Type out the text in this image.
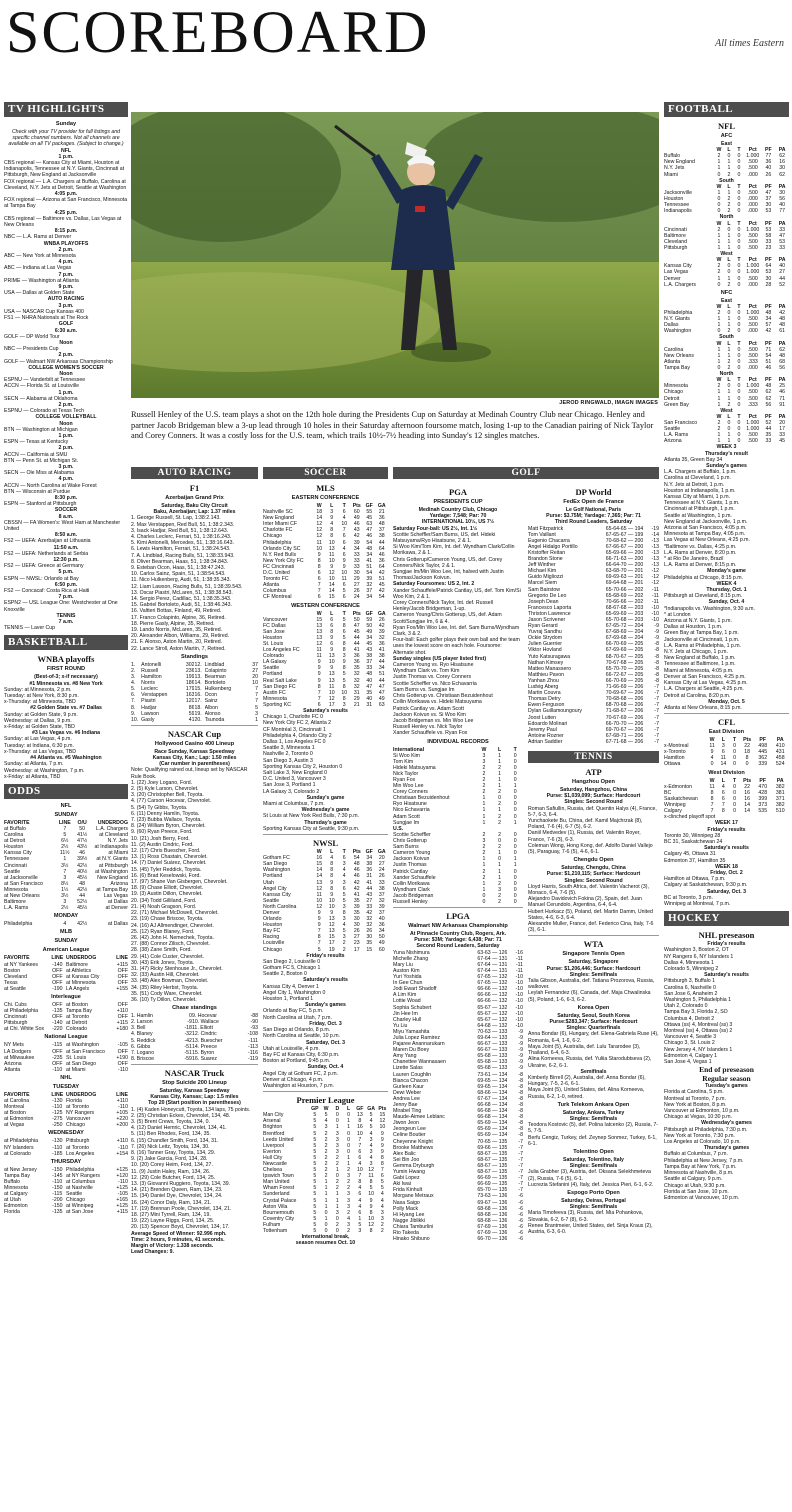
SCOREBOARD	All times Eastern
TV HIGHLIGHTS
Sunday
Check with your TV provider for full listings and specific channel numbers. Not all channels are available on all TV packages. (Subject to change.)
NFL
1 p.m.
CBS regional — Kansas City at Miami, Houston at Indianapolis, Tennessee at N.Y. Giants, Cincinnati at Pittsburgh, New England at Jacksonville
FOX regional — L.A. Chargers at Buffalo, Carolina at Cleveland, N.Y. Jets at Detroit, Seattle at Washington
4:05 p.m.
FOX regional — Arizona at San Francisco, Minnesota at Tampa Bay
4:25 p.m.
CBS regional — Baltimore vs. Dallas, Las Vegas at New Orleans
8:15 p.m.
NBC — L.A. Rams at Denver
WNBA PLAYOFFS
2 p.m.
ABC — New York at Minnesota
4 p.m.
ABC — Indiana at Las Vegas
7 p.m.
PRIME — Washington at Atlanta
9 p.m.
USA — Dallas at Golden State
AUTO RACING
3 p.m.
USA — NASCAR Cup Kansas 400
FS1 — NHRA Nationals at The Rock
GOLF
6:30 a.m.
GOLF — DP World Tour
Noon
NBC — Presidents Cup
2 p.m.
GOLF — Walmart NW Arkansas Championship
COLLEGE WOMEN'S SOCCER
Noon
ESPNU — Vanderbilt at Tennessee
ACCN — Florida St. at Louisville
1 p.m.
SECN — Alabama at Oklahoma
2 p.m.
ESPNU — Colorado at Texas Tech
COLLEGE VOLLEYBALL
Noon
BTN — Washington at Michigan
1 p.m.
ESPN — Texas at Kentucky
2 p.m.
ACCN — California at SMU
BTN — Penn St. at Michigan St.
3 p.m.
SECN — Ole Miss at Alabama
4 p.m.
ACCN — North Carolina at Wake Forest
BTN — Wisconsin at Purdue
8:30 p.m.
ESPN — Stanford at Pittsburgh
SOCCER
8 a.m.
CBSSN — FA Women's: West Ham at Manchester United
8:50 a.m.
FS2 — UEFA: Azerbaijan at Lithuania
11:50 a.m.
FS2 — UEFA: Netherlands at Serbia
12:30 p.m.
FS2 — UEFA: Greece at Germany
5 p.m.
ESPN — NWSL: Orlando at Bay
6:50 p.m.
FS2 — Concacaf: Costa Rica at Haiti
7 p.m.
ESPN2 — USL League One: Westchester at One Knoxville
TENNIS
7 a.m.
TENNIS — Laver Cup
BASKETBALL
WNBA playoffs
FIRST ROUND
(Best-of-3; x-if necessary)
#1 Minnesota vs. #8 New York
Sunday: at Minnesota, 2 p.m.
Tuesday: at New York, 8:30 p.m.
x-Thursday: at Minnesota, TBD
#2 Golden State vs. #7 Dallas
Sunday: at Golden State, 9 p.m.
Wednesday: at Dallas, 9 p.m.
x-Friday: at Golden State, TBD
#3 Las Vegas vs. #6 Indiana
Sunday: at Las Vegas, 4 p.m.
Tuesday: at Indiana, 6:30 p.m.
x-Thursday: at Las Vegas, TBD
#4 Atlanta vs. #5 Washington
Sunday: at Atlanta, 7 p.m.
Wednesday: at Washington, 7 p.m.
x-Friday: at Atlanta, TBD
ODDS
NFL
SUNDAY
FAVORITE	LINE	O/U	UNDERDOG
at Buffalo	7	50	L.A. Chargers
Carolina	5	41½	at Cleveland
at Detroit	6½	47½	N.Y. Jets
Houston	2½	43½	at Indianapolis
Kansas City	11½	46	at Miami
Tennessee	1	39½	at N.Y. Giants
Cincinnati	3½	42½	at Pittsburgh
Seattle	7	40½	at Washington
at Jacksonville	3	45½	New England
at San Francisco	8½	48	Arizona
Minnesota	1½	42½	at Tampa Bay
at New Orleans	3½	44	Las Vegas
Baltimore	3	52½	at Dallas
L.A. Rams	2½	45½	at Denver
MONDAY
Philadelphia	4	42½	at Dallas
MLB
SUNDAY
American League
FAVORITE	LINE	UNDERDOG	LINE
at NY Yankees	-140	Baltimore	+115
Boston	OFF	at Athletics	OFF
Cleveland	OFF	at Kansas City	OFF
Texas	OFF	at Minnesota	OFF
at Seattle	-190	LA Angels	+155
Interleague
Chi. Cubs	OFF	at Boston	OFF
at Philadelphia	-135	Tampa Bay	+110
Cincinnati	OFF	at Toronto	OFF
Pittsburgh	-140	at Detroit	+115
at Chi. White Sox	-220	Colorado	+180
National League
NY Mets	-115	at Washington	-105
LA Dodgers	OFF	at San Francisco	OFF
at Milwaukee	-235	St. Louis	+190
Arizona	OFF	at San Diego	OFF
Atlanta	-110	at Miami	-110
NHL
TUESDAY
FAVORITE	LINE	UNDERDOG	LINE
at Carolina	-130	Florida	+110
Montreal	-110	at Toronto	-110
at Boston	-125	NY Rangers	+105
at Edmonton	-275	Vancouver	+220
at Vegas	-250	Chicago	+200
WEDNESDAY
at Philadelphia	-130	Pittsburgh	+110
NY Islanders	-110	at Toronto	-110
at Colorado	-185	Los Angeles	+154
THURSDAY
at New Jersey	-150	Philadelphia	+125
Tampa Bay	-145	at NY Rangers	+120
Buffalo	-110	at Columbus	-110
Minnesota	-150	at Nashville	+125
at Calgary	-115	Seattle	-105
at Utah	-200	Chicago	+165
Edmonton	-150	at Winnipeg	+125
Florida	-135	at San Jose	+115
JEROD RINGWALD, IMAGN IMAGES
Russell Henley of the U.S. team plays a shot on the 12th hole during the Presidents Cup on Saturday at Medinah Country Club near Chicago. Henley and partner Jacob Bridgeman blew a 3-up lead through 10 holes in their Saturday afternoon foursome match, losing 1-up to the Canadian pairing of Nick Taylor and Corey Conners. It was a costly loss for the U.S. team, which trails 10½-7½ heading into Sunday's 12 singles matches.
AUTO RACING
F1
Azerbaijan Grand Prix
Saturday, Baku City Circuit
Baku, Azerbaijan; Lap: 1.37 miles
1. George Russell, St. Lap, 1:38:2.143.
2. Max Verstappen, Red Bull, 51, 1:38:2.343.
3. Isack Hadjar, Red Bull, 51, 1:38:12.643.
4. Charles Leclerc, Ferrari, 51, 1:38:16.243.
5. Kimi Antonelli, Mercedes, 51, 1:38:16.643.
6. Lewis Hamilton, Ferrari, 51, 1:38:24.543.
7. A. Lindblad, Racing Bulls, 51, 1:38:33.943.
8. Oliver Bearman, Haas, 51, 1:38:34.843.
9. Esteban Ocon, Haas, 51, 1:38:47.243.
10. Carlos Sainz, Spain, 51, 1:38:54.543.
11. Nico Hulkenberg, Audi, 51, 1:38:35.343.
12. Liam Lawson, Racing Bulls, 51, 1:38:39.543.
13. Oscar Piastri, McLaren, 51, 1:38:38.543.
14. Sergio Perez, Cadillac, 51, 1:38:35.343.
15. Gabriel Bortoleto, Audi, 51, 1:38:46.343.
16. Valtteri Bottas, Finland, 49, Retired.
17. Franco Colapinto, Alpine, 36, Retired.
18. Pierre Gasly, Alpine, 35, Retired.
19. Lando Norris, McLaren, 35, Retired.
20. Alexander Albon, Williams, 29, Retired.
21. F. Alonso, Aston Martin, 20, Retired.
22. Lance Stroll, Aston Martin, 7, Retired.
Standings
1.	Antonelli	302	12.	Lindblad	37
2.	Russell	236	13.	Colapinto	27
3.	Hamilton	199	13.	Bearman	20
4.	Norris	186	14.	Bortoleto	10
5.	Leclerc	179	15.	Hulkenberg	7
6.	Verstappen	163	16.	Ocon	7
7.	Piastri	120	17.	Sainz	7
8.	Hadjar	86	18.	Albon	5
9.	Lawson	59	19.	Alonso	3
10.	Gasly	41	20.	Tsunoda	1
NASCAR Cup
Hollywood Casino 400 Lineup
Race Sunday, Kansas Speedway
Kansas City, Kan.; Lap: 1.50 miles
(Car number in parentheses)
Note: Qualifying rained out, lineup set by NASCAR Rule Book.
1. (22) Joey Logano, Ford.
2. (5) Kyle Larson, Chevrolet.
3. (20) Christopher Bell, Toyota.
4. (77) Carson Hocevar, Chevrolet.
5. (54) Ty Gibbs, Toyota.
6. (11) Denny Hamlin, Toyota.
7. (23) Bubba Wallace, Toyota.
8. (24) William Byron, Chevrolet.
9. (60) Ryan Preece, Ford.
10. (21) Josh Berry, Ford.
11. (2) Austin Cindric, Ford.
12. (17) Chris Buescher, Ford.
13. (1) Ross Chastain, Chevrolet.
14. (7) Daniel Suárez, Chevrolet.
15. (45) Tyler Reddick, Toyota.
16. (6) Brad Keselowski, Ford.
17. (97) Shane Van Gisbergen, Chevrolet.
18. (9) Chase Elliott, Chevrolet.
19. (3) Austin Dillon, Chevrolet.
20. (34) Todd Gilliland, Ford.
21. (4) Noah Gragson, Ford.
22. (71) Michael McDowell, Chevrolet.
23. (19) Chase Briscoe, Toyota.
24. (16) AJ Allmendinger, Chevrolet.
25. (12) Ryan Blaney, Ford.
26. (42) John H. Nemechek, Toyota.
27. (88) Connor Zilisch, Chevrolet.
28. (38) Zane Smith, Ford.
29. (41) Cole Custer, Chevrolet.
30. (43) Erik Jones, Toyota.
31. (47) Ricky Stenhouse Jr., Chevrolet.
32. (33) Austin Hill, Chevrolet.
33. (48) Alex Bowman, Chevrolet.
34. (35) Riley Herbst, Toyota.
35. (51) Cody Ware, Chevrolet.
36. (10) Ty Dillon, Chevrolet.
Chase standings
1. Hamlin	0	9. Hocevar	-88
2. Larson	-9	10. Wallace	-90
3. Bell	-18	11. Elliott	-93
4. Blaney	-32	12. Cindric	-108
5. Reddick	-42	13. Buescher	-111
6. Gibbs	-51	14. Preece	-113
7. Logano	-51	15. Byron	-116
8. Briscoe	-59	16. Suarez	-119
NASCAR Truck
Stop Suicide 200 Lineup
Saturday, Kansas Speedway
Kansas City, Kansas; Lap: 1.5 miles
Top 20 (Start position in parentheses)
1. (4) Kaden Honeycutt, Toyota, 134 laps, 75 points.
2. (25) Christian Eckes, Chevrolet, 134, 48.
3. (5) Brent Crews, Toyota, 134, 0.
4. (12) Daniel Hemric, Chevrolet, 134, 41.
5. (11) Ben Rhodes, Ford, 134, 35.
6. (15) Chandler Smith, Ford, 134, 31.
7. (26) Nick Leitz, Toyota, 134, 30.
8. (16) Tanner Gray, Toyota, 134, 29.
9. (2) Jake Garcia, Ford, 134, 28.
10. (20) Corey Heim, Ford, 134, 27.
11. (9) Justin Haley, Ram, 134, 26.
12. (29) Cole Butcher, Ford, 134, 25.
13. (3) Giovanni Ruggiero, Toyota, 134, 39.
14. (21) Brenden Queen, Ram, 134, 23.
15. (34) Daniel Dye, Chevrolet, 134, 24.
16. (24) Conor Daly, Ram, 134, 21.
17. (19) Brennan Poole, Chevrolet, 134, 21.
18. (27) Mini Tyrrell, Ram, 134, 19.
19. (22) Layne Riggs, Ford, 134, 25.
20. (13) Spencer Boyd, Chevrolet, 134, 17.
Average Speed of Winner: 92.996 mph.
Time: 2 hours, 9 minutes, 41 seconds.
Margin of Victory: 1.338 seconds.
Lead Changes: 9.
SOCCER
MLS
EASTERN CONFERENCE
	W	L	T	Pts	GF	GA
Nashville SC	18	3	6	60	55	21
New England	14	9	4	49	45	36
Inter Miami CF	12	4	10	46	63	48
Charlotte FC	12	8	7	43	47	37
Chicago	12	8	6	42	46	38
Philadelphia	11	10	6	39	54	44
Orlando City SC	10	13	4	34	48	64
N.Y. Red Bulls	9	11	6	33	34	46
New York City FC	8	10	9	33	41	36
FC Cincinnati	8	9	9	33	51	64
D.C. United	6	12	10	30	54	42
Toronto FC	6	10	11	29	39	51
Atlanta	7	14	6	27	32	45
Columbus	7	14	5	26	37	42
CF Montreal	6	15	6	24	34	54
WESTERN CONFERENCE
	W	L	T	Pts	GF	GA
Vancouver	15	6	5	50	59	26
FC Dallas	13	6	8	47	50	42
San Jose	13	8	6	45	49	39
Houston	13	9	5	44	34	32
St. Louis	12	6	8	44	45	36
Los Angeles FC	11	9	8	41	43	41
Colorado	11	13	3	36	38	38
LA Galaxy	9	10	9	36	37	44
Seattle	9	9	8	35	33	34
Portland	9	13	5	32	48	51
Real Salt Lake	9	13	5	32	40	44
San Diego FC	8	11	8	32	47	47
Austin FC	7	10	10	31	35	47
Minnesota	7	12	8	29	40	49
Sporting KC	6	17	3	21	31	63
Saturday's results
Chicago 1, Charlotte FC 0
New York City FC 2, Atlanta 2
CF Montréal 3, Cincinnati 1
Philadelphia 4, Orlando City 2
Dallas 1, Los Angeles FC 0
Seattle 3, Minnesota 1
Nashville 2, Toronto 0
San Diego 3, Austin 3
Sporting Kansas City 2, Houston 0
Salt Lake 3, New England 0
D.C. United 3, Vancouver 3
San Jose 3, Portland 1
LA Galaxy 3, Colorado 2
Sunday's game
Miami at Columbus, 7 p.m.
Wednesday's game
St Louis at New York Red Bulls, 7:30 p.m.
Thursday's game
Sporting Kansas City at Seattle, 9:30 p.m.
NWSL
	W	L	T	Pts	GF	GA
Gotham FC	16	4	6	54	34	20
San Diego	15	8	3	48	38	27
Washington	14	8	4	46	36	24
Portland	14	8	4	46	31	26
Utah	13	9	3	42	41	33
Angel City	12	8	6	42	44	38
Kansas City	11	9	5	41	43	37
Seattle	10	10	5	35	27	32
North Carolina	12	10	3	39	33	39
Denver	9	9	8	35	42	37
Orlando	9	13	3	30	32	40
Houston	9	12	4	30	32	36
Bay FC	7	13	5	26	26	34
Racing	8	15	3	27	30	50
Louisville	7	17	2	23	35	49
Chicago	5	19	2	17	15	60
Friday's results
San Diego 2, Louisville 0
Gotham FC 5, Chicago 1
Seattle 2, Boston 0
Saturday's results
Kansas City 4, Denver 1
Angel City 1, Washington 0
Houston 1, Portland 1
Sunday's games
Orlando at Bay FC, 5 p.m.
North Carolina at Utah, 7 p.m.
Friday, Oct. 3
San Diego at Orlando, 8 p.m.
North Carolina at Seattle, 10 p.m.
Saturday, Oct. 3
Utah at Louisville, 4 p.m.
Bay FC at Kansas City, 6:30 p.m.
Boston at Portland, 9:45 p.m.
Sunday, Oct. 4
Angel City at Gotham FC, 2 p.m.
Denver at Chicago, 4 p.m.
Washington at Houston, 7 p.m.
Premier League
	GP	W	D	L	GF	GA	Pts
Man City	5	5	0	0	13	5	15
Arsenal	5	4	0	1	8	4	12
Brighton	5	3	1	1	16	5	10
Brentford	5	2	3	0	10	4	9
Leeds United	5	2	3	0	7	3	9
Liverpool	5	2	3	0	7	4	9
Everton	5	2	3	0	6	3	9
Hull City	5	2	2	1	6	4	8
Newcastle	5	2	2	1	4	3	8
Chelsea	5	2	1	2	10	12	7
Ipswich Town	5	2	0	3	7	11	6
Man United	5	1	2	2	8	8	5
Wham Forest	5	1	2	2	4	5	5
Sunderland	5	1	1	3	6	10	4
Crystal Palace	5	1	1	3	4	9	4
Aston Villa	5	1	1	3	4	9	4
Bournemouth	5	0	3	2	6	8	3
Coventry City	5	1	0	4	1	10	3
Fulham	5	0	2	3	5	12	2
Tottenham	5	0	0	2	3	8	2
International break,
season resumes Oct. 10
GOLF
PGA
PRESIDENTS CUP
Medinah Country Club, Chicago
Yardage: 7,548; Par: 70
INTERNATIONAL 10½, US 7½
Saturday Four-ball: US 2½, Int. 1½
Scottie Scheffler/Sam Burns, US, def. Hideki Matsuyama/Ryo Hisatsune, 2 & 1.
Si Woo Kim/Tom Kim, Int. def. Wyndham Clark/Collin Morikawa, 2 & 1.
Chris Gotterup/Cameron Young, US, def. Corey Conners/Nick Taylor, 2 & 1.
Sungjae Im/Min Woo Lee, Int, halved with Justin Thomas/Jackson Koivun.
Saturday Foursomes: US 2, Int. 2
Xander Schauffele/Patrick Cantlay, US, def. Tom Kim/Si Woo Kim, 2 & 1.
Corey Conners/Nick Taylor, Int. def. Russell Henley/Jacob Bridgeman, 1-up.
Cameron Young/Chris Gotterup, US, def. Adam Scott/Sungjae Im, 6 & 4.
Ryan Fox/Min Woo Lee, Int. def. Sam Burns/Wyndham Clark, 3 & 2.
Four-ball: Each golfer plays their own ball and the team uses the lowest score on each hole. Foursome: Alternate shot.
Sunday singles (US player listed first)
Cameron Young vs. Ryo Hisatsune
Wyndham Clark vs. Tom Kim
Justin Thomas vs. Corey Conners
Scottie Scheffler vs. Nico Echavarria
Sam Burns vs. Sungjae Im
Chris Gotterup vs. Christiaan Bezuidenhout
Collin Morikawa vs. Hideki Matsuyama
Patrick Cantlay vs. Adam Scott
Jackson Koivun vs. Si Woo Kim
Jacob Bridgeman vs. Min Woo Lee
Russell Henley vs. Nick Taylor
Xander Schauffele vs. Ryan Fox
INDIVIDUAL RECORDS
International	W	L	T
Si Woo Kim	3	1	0
Tom Kim	3	1	0
Hideki Matsuyama	2	2	0
Nick Taylor	2	1	0
Ryan Fox	2	1	0
Min Woo Lee	2	1	1
Corey Conners	2	2	0
Christiaan Bezuidenhout	1	0	0
Ryo Hisatsune	1	2	0
Nico Echavarria	1	1	0
Adam Scott	1	2	0
Sungjae Im	1	2	1
U.S.
Scottie Scheffler	2	2	0
Chris Gotterup	3	0	0
Sam Burns	2	2	0
Cameron Young	2	1	0
Jackson Koivun	1	0	1
Justin Thomas	1	1	1
Patrick Cantlay	2	1	0
Xander Schauffele	2	1	0
Collin Morikawa	1	2	0
Wyndham Clark	1	3	0
Jacob Bridgeman	0	2	0
Russell Henley	0	2	0
LPGA
Walmart NW Arkansas Championship
At Pinnacle Country Club, Rogers, Ark.
Purse: $3M; Yardage: 6,438; Par: 71
Second Round Leaders, Saturday
Yuna Nishimura	63-63 — 126	-16
Michelle Zhang	67-64 — 131	-11
Mary Liu	67-64 — 131	-11
Auston Kim	67-64 — 131	-11
Yuri Yoshida	67-65 — 132	-10
In Gee Chun	67-65 — 132	-10
Jodi Ewart Shadoff	66-66 — 132	-10
A Lim Kim	66-66 — 132	-10
Lottie Woad	66-66 — 132	-10
Sophia Schubert	65-67 — 132	-10
Jin Hee Im	65-67 — 132	-10
Charley Hull	65-67 — 132	-10
Yu Liu	64-68 — 132	-10
Miyu Yamashita	70-63 — 133	-9
Julia Lopez Ramirez	69-64 — 133	-9
Pajaree Anannarukarn	66-67 — 133	-9
Maren Du Boey	66-67 — 133	-9
Amy Yang	65-68 — 133	-9
Chanettee Wannasaen	65-68 — 133	-9
Lizette Salas	65-68 — 133	-9
Lauren Coughlin	73-61 — 134	-8
Bianca Chacon	69-65 — 134	-8
Gurleen Kaur	69-65 — 134	-8
Dewi Weber	68-66 — 134	-8
Andrea Lee	67-67 — 134	-8
Jenny Bae	66-68 — 134	-8
Mirabel Ting	66-68 — 134	-8
Maude-Aimee Leblanc	66-68 — 134	-8
Jiwon Jeon	65-69 — 134	-8
Jeongeun Lee	65-69 — 134	-8
Celine Boutier	65-69 — 134	-8
Cheyenne Knight	70-65 — 135	-7
Brooke Matthews	69-66 — 135	-7
Alex Balic	68-67 — 135	-7
Sei Bin Joo	68-67 — 135	-7
Gemma Dryburgh	68-67 — 135	-7
Yumin Hwang	68-67 — 135	-7
Gabi Lopez	66-69 — 135	-7
Aki Iwai	66-69 — 135	-7
Frida Kinhult	65-70 — 135	-7
Morgane Metraux	73-63 — 136	-6
Nasa Saigo	69-67 — 136	-6
Polly Mack	68-68 — 136	-6
Hi Hyang Lee	68-68 — 136	-6
Nagge Jiblikki	68-68 — 136	-6
Chiara Tamburlini	67-69 — 136	-6
Rio Takeda	67-69 — 136	-6
Hinako Shibuno	66-70 — 136	-6
DP World
FedEx Open de France
Le Golf National, Paris
Purse: $3.75M; Yardage: 7,365; Par: 71
Third Round Leaders, Saturday
Matt Fitzpatrick	65-64-65 — 194	-19
Tom Vaillant	67-65-67 — 199	-14
Eugenio Chacarra	70-68-62 — 200	-13
Angel Hidalgo Portillo	67-66-67 — 200	-13
Kristoffer Reitan	65-69-66 — 200	-13
Brandon Stone	66-71-63 — 200	-13
Jeff Winther	66-64-70 — 200	-13
Michael Kim	63-68-70 — 201	-12
Guido Migliozzi	69-69-63 — 201	-12
Marcel Siem	69-64-68 — 201	-12
Sam Bairstow	65-70-66 — 202	-11
Gregorio De Leo	65-68-69 — 202	-11
Joseph Dean	70-66-66 — 202	-11
Francesco Laporta	68-67-68 — 203	-10
Thriston Lawrence	65-69-69 — 203	-10
Jason Scrivener	65-70-68 — 203	-10
Ryan Gerard	67-65-72 — 204	-9
Yuvraj Sandhu	67-68-69 — 204	-9
Ockie Strydom	67-69-68 — 204	-9
Julien Guerrier	66-70-69 — 205	-8
Viktor Hovland	67-69-69 — 205	-8
Yuto Katsuragawa	68-70-67 — 205	-8
Nathan Kimsey	70-67-68 — 205	-8
Matteo Manassero	65-70-70 — 205	-8
Matthieu Pavon	66-72-67 — 205	-8
Yanhan Zhou	66-70-69 — 205	-8
Ludvig Aberg	71-66-69 — 206	-7
Martin Couvra	70-69-67 — 206	-7
Thomas Detry	70-68-68 — 206	-7
Ewen Ferguson	68-70-68 — 206	-7
Dylan Guillamoungoury	71-68-67 — 206	-7
Joost Luiten	70-67-69 — 206	-7
Edoardo Molinari	66-70-70 — 206	-7
Jeremy Paul	69-70-67 — 206	-7
Antoine Rozner	67-68-71 — 206	-7
Adrian Saddier	67-71-68 — 206	-7
TENNIS
ATP
Hangzhou Open
Saturday, Hangzhou, China
Purse: $1,039,099; Surface: Hardcourt
Singles: Second Round
Roman Safiullin, Russia, def. Quentin Halys (4), France, 5-7, 6-3, 6-4.
Yunchaokete Bu, China, def. Kamil Majchrzak (8), Poland, 7-6 (4), 6-7 (5), 6-2.
Daniil Medvedev (1), Russia, def. Valentin Royer, France, 7-6 (3), 6-3.
Coleman Wong, Hong Kong, def. Adolfo Daniel Vallejo (5), Paraguay, 7-6 (5), 4-6, 6-1.
Chengdu Open
Saturday, Chengdu, China
Purse: $1,210,115; Surface: Hardcourt
Singles: Second Round
Lloyd Harris, South Africa, def. Valentin Vacherot (3), Monaco, 6-4, 7-6 (5).
Alejandro Davidovich Fokina (2), Spain, def. Juan Manuel Cerundolo, Argentina, 6-4, 6-4.
Hubert Hurkacz (5), Poland, def. Martin Damm, United States, 4-6, 6-3, 6-4.
Alexandre Muller, France, def. Federico Cina, Italy, 7-6 (3), 6-1.
WTA
Singapore Tennis Open
Saturday, Singapore
Purse: $1,206,446; Surface: Hardcourt
Singles: Semifinals
Talia Gibson, Australia, def. Tatiana Prozorova, Russia, walkover.
Leylah Fernandez (6), Canada, def. Maja Chwalinska (5), Poland, 1-6, 6-3, 6-2.
Korea Open
Saturday, Seoul, South Korea
Purse:$283,347; Surface: Hardcourt
Singles: Quarterfinals
Anna Bondar (6), Hungary, def. Elena-Gabriela Ruse (4), Romania, 6-4, 1-6, 6-2.
Maya Joint (5), Australia, def. Lulu Tararodee (3), Thailand, 6-4, 6-3.
Alina Korneeva, Russia, def. Yuliia Starodubtseva (2), Ukraine, 6-2, 6-1.
Semifinals
Kimberly Birrell (2), Australia, def. Anna Bondar (6), Hungary, 7-5, 2-6, 6-1.
Maya Joint (5), United States, def. Alina Korneeva, Russia, 6-2, 1-0, retired.
Turk Telekom Ankara Open
Saturday, Ankara, Turkey
Singles: Semifinals
Teodora Kostovic (5), def. Polina Iatcenko (2), Russia, 7-5, 7-5.
Berfu Cengiz, Turkey, def. Zeynep Sonmez, Turkey, 6-1, 6-1.
Tolentino Open
Saturday, Tolentino, Italy
Singles: Semifinals
Julia Grabher (3), Austria, def. Oksana Selekhmeteva (2), Russia, 7-6 (5), 6-1.
Lucrezia Stefanini (4), Italy, def. Jessica Pieri, 6-1, 6-2.
Espogo Porto Open
Saturday, Oeiras, Portugal
Singles: Semifinals
Maria Timofeeva (3), Russia, def. Mia Pohankova, Slovakia, 6-2, 6-7 (8), 6-3.
Renee Brantmeier, United States, def. Sinja Kraus (2), Austria, 6-3, 6-0.
FOOTBALL
NFL
AFC
East
	W	L	T	Pct	PF	PA
Buffalo	2	0	0	1.000	77	62
New England	1	1	0	.500	36	16
N.Y. Jets	1	1	0	.500	40	30
Miami	0	2	0	.000	26	62
South
	W	L	T	Pct	PF	PA
Jacksonville	1	1	0	.500	47	30
Houston	0	2	0	.000	37	56
Tennessee	0	2	0	.000	30	40
Indianapolis	0	2	0	.000	53	77
North
	W	L	T	Pct	PF	PA
Cincinnati	2	0	0	1.000	53	33
Baltimore	1	1	0	.500	58	47
Cleveland	1	1	0	.500	33	53
Pittsburgh	1	1	0	.500	23	33
West
	W	L	T	Pct	PF	PA
Kansas City	2	0	0	1.000	64	40
Las Vegas	2	0	0	1.000	53	27
Denver	1	1	0	.500	30	44
L.A. Chargers	0	2	0	.000	28	52
NFC
East
	W	L	T	Pct	PF	PA
Philadelphia	2	0	0	1.000	48	42
N.Y. Giants	1	1	0	.500	34	48
Dallas	1	1	0	.500	57	48
Washington	0	2	0	.000	42	61
South
	W	L	T	Pct	PF	PA
Carolina	1	1	0	.500	71	62
New Orleans	1	1	0	.500	54	48
Atlanta	1	2	0	.333	51	68
Tampa Bay	0	2	0	.000	46	56
North
	W	L	T	Pct	PF	PA
Minnesota	2	0	0	1.000	48	25
Chicago	1	1	0	.500	62	46
Detroit	1	1	0	.500	62	71
Green Bay	1	2	0	.333	56	91
West
	W	L	T	Pct	PF	PA
San Francisco	2	0	0	1.000	52	20
Seattle	2	0	0	1.000	44	17
L.A. Rams	1	1	0	.500	35	33
Arizona	1	1	0	.500	33	45
WEEK 3
Thursday's result
Atlanta 35, Green Bay 34
Sunday's games
L.A. Chargers at Buffalo, 1 p.m.
Carolina at Cleveland, 1 p.m.
N.Y. Jets at Detroit, 1 p.m.
Houston at Indianapolis, 1 p.m.
Kansas City at Miami, 1 p.m.
Tennessee at N.Y. Giants, 1 p.m.
Cincinnati at Pittsburgh, 1 p.m.
Seattle at Washington, 1 p.m.
New England at Jacksonville, 1 p.m.
Arizona at San Francisco, 4:05 p.m.
Minnesota at Tampa Bay, 4:05 p.m.
Las Vegas at New Orleans, 4:25 p.m.
*Baltimore vs. Dallas, 4:25 p.m.
L.A. Rams at Denver, 8:20 p.m.
* at Rio De Janeiro, Brazil
L.A. Rams at Denver, 8:15 p.m.
Monday's game
Philadelphia at Chicago, 8:15 p.m.
WEEK 4
Thursday, Oct. 1
Pittsburgh at Cleveland, 8:15 p.m.
Sunday, Oct. 4
*Indianapolis vs. Washington, 9:30 a.m.
* at London
Arizona at N.Y. Giants, 1 p.m.
Dallas at Houston, 1 p.m.
Green Bay at Tampa Bay, 1 p.m.
Jacksonville at Cincinnati, 1 p.m.
L.A. Rams at Philadelphia, 1 p.m.
N.Y. Jets at Chicago, 1 p.m.
New England at Buffalo, 1 p.m.
Tennessee at Baltimore, 1 p.m.
Miami at Minnesota, 4:05 p.m.
Denver at San Francisco, 4:25 p.m.
Kansas City at Las Vegas, 4:25 p.m.
L.A. Chargers at Seattle, 4:25 p.m.
Detroit at Carolina, 8:20 p.m.
Monday, Oct. 5
Atlanta at New Orleans, 8:15 p.m.
CFL
East Division
	W	L	T	Pts	PF	PA
x-Montreal	11	3	0	22	498	410
x-Toronto	9	6	0	18	445	431
Hamilton	4	11	0	8	362	458
Ottawa	0	14	0	0	339	524
West Division
	W	L	T	Pts	PF	PA
x-Edmonton	11	4	0	22	470	382
BC	8	6	0	16	428	381
Saskatchewan	8	6	0	16	399	371
Winnipeg	7	7	0	14	373	382
Calgary	7	8	0	14	535	510
x-clinched playoff spot
WEEK 17
Friday's results
Toronto 30, Winnipeg 28
BC 31, Saskatchewan 24
Saturday's results
Calgary 45, Ottawa 31
Edmonton 37, Hamilton 35
WEEK 18
Friday, Oct. 2
Hamilton at Ottawa, 7 p.m.
Calgary at Saskatchewan, 9:30 p.m.
Saturday, Oct. 3
BC at Toronto, 3 p.m.
Winnipeg at Montreal, 7 p.m.
HOCKEY
NHL preseason
Friday's results
Washington 3, Boston 2, OT
NY Rangers 6, NY Islanders 1
Dallas 4, Minnesota 1
Colorado 5, Winnipeg 2
Saturday's results
Pittsburgh 3, Buffalo 1
Carolina 6, Nashville 0
San Jose 6, Anaheim 2
Washington 5, Philadelphia 1
Utah 2, Colorado 0
Tampa Bay 3, Florida 2, SO
Columbus 4, Detroit 2
Ottawa (ss) 4, Montreal (ss) 3
Montreal (ss) 4, Ottawa (ss) 2
Vancouver 4, Seattle 3
Chicago 3, St. Louis 2
New Jersey 4, NY Islanders 1
Edmonton 4, Calgary 1
San Jose 4, Vegas 1
End of preseason
Regular season
Tuesday's games
Florida at Carolina, 5 p.m.
Montreal at Toronto, 7 p.m.
New York at Boston, 8 p.m.
Vancouver at Edmonton, 10 p.m.
Chicago at Vegas, 10:30 p.m.
Wednesday's games
Pittsburgh at Philadelphia, 7:30 p.m.
New York at Toronto, 7:30 p.m.
Los Angeles at Colorado, 10 p.m.
Thursday's games
Buffalo at Columbus, 7 p.m.
Philadelphia at New Jersey, 7 p.m.
Tampa Bay at New York, 7 p.m.
Minnesota at Nashville, 8 p.m.
Seattle at Calgary, 9 p.m.
Chicago at Utah, 9:30 p.m.
Florida at San Jose, 10 p.m.
Edmonton at Vancouver, 10 p.m.
